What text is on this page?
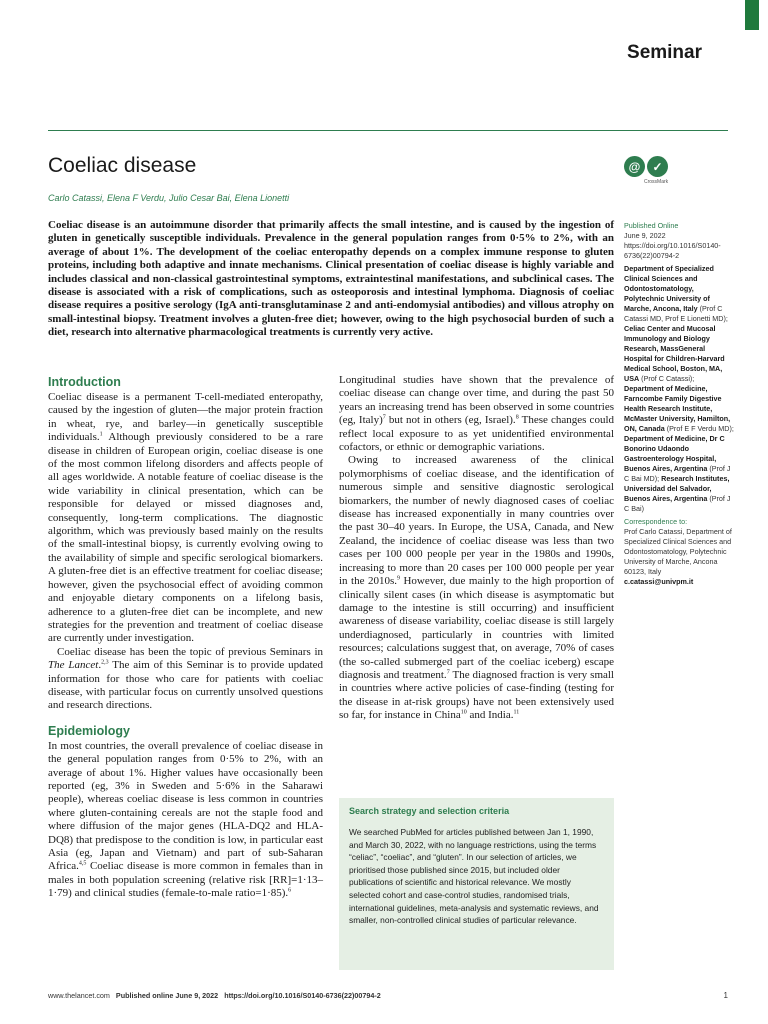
Seminar
Coeliac disease	@	✓
CrossMark
Carlo Catassi, Elena F Verdu, Julio Cesar Bai, Elena Lionetti
Coeliac disease is an autoimmune disorder that primarily affects the small intestine, and is caused by the ingestion of gluten in genetically susceptible individuals. Prevalence in the general population ranges from 0·5% to 2%, with an average of about 1%. The development of the coeliac enteropathy depends on a complex immune response to gluten proteins, including both adaptive and innate mechanisms. Clinical presentation of coeliac disease is highly variable and includes classical and non-classical gastrointestinal symptoms, extraintestinal manifestations, and subclinical cases. The disease is associated with a risk of complications, such as osteoporosis and intestinal lymphoma. Diagnosis of coeliac disease requires a positive serology (IgA anti-transglutaminase 2 and anti-endomysial antibodies) and villous atrophy on small-intestinal biopsy. Treatment involves a gluten-free diet; however, owing to the high psychosocial burden of such a diet, research into alternative pharmacological treatments is currently very active.
Introduction

Coeliac disease is a permanent T-cell-mediated enteropathy, caused by the ingestion of gluten—the major protein fraction in wheat, rye, and barley—in genetically susceptible individuals.$^1$ Although previously considered to be a rare disease in children of European origin, coeliac disease is one of the most common lifelong disorders and affects people of all ages worldwide. A notable feature of coeliac disease is the wide variability in clinical presentation, which can be responsible for delayed or missed diagnoses and, consequently, long-term complications. The diagnostic algorithm, which was previously based mainly on the results of the small-intestinal biopsy, is currently evolving owing to the availability of simple and specific serological biomarkers. A gluten-free diet is an effective treatment for coeliac disease; however, given the psychosocial effect of avoiding common and enjoyable dietary components on a lifelong basis, adherence to a gluten-free diet can be incomplete, and new strategies for the prevention and treatment of coeliac disease are currently under investigation.

Coeliac disease has been the topic of previous Seminars in The Lancet.$^{2,3}$ The aim of this Seminar is to provide updated information for those who care for patients with coeliac disease, with particular focus on currently unsolved questions and research directions.

Epidemiology

In most countries, the overall prevalence of coeliac disease in the general population ranges from 0·5% to 2%, with an average of about 1%. Higher values have occasionally been reported (eg, 3% in Sweden and 5·6% in the Saharawi people), whereas coeliac disease is less common in countries where gluten-containing cereals are not the staple food and where diffusion of the major genes (HLA-DQ2 and HLA-DQ8) that predispose to the condition is low, in particular east Asia (eg, Japan and Vietnam) and part of sub-Saharan Africa.$^{4,5}$ Coeliac disease is more common in females than in males in both population screening (relative risk [RR]=1·13–1·79) and clinical studies (female-to-male ratio=1·85).$^6$

Longitudinal studies have shown that the prevalence of coeliac disease can change over time, and during the past 50 years an increasing trend has been observed in some countries (eg, Italy)$^7$ but not in others (eg, Israel).$^8$ These changes could reflect local exposure to as yet unidentified environmental cofactors, or ethnic or demographic variations.

Owing to increased awareness of the clinical polymorphisms of coeliac disease, and the identification of numerous simple and sensitive diagnostic serological biomarkers, the number of newly diagnosed cases of coeliac disease has increased exponentially in many countries over the past 30–40 years. In Europe, the USA, Canada, and New Zealand, the incidence of coeliac disease was less than two cases per 100 000 people per year in the 1980s and 1990s, increasing to more than 20 cases per 100 000 people per year in the 2010s.$^9$ However, due mainly to the high proportion of clinically silent cases (in which disease is asymptomatic but damage to the intestine is still occurring) and insufficient awareness of disease variability, coeliac disease is still largely underdiagnosed, particularly in countries with limited resources; calculations suggest that, on average, 70% of cases (the so-called submerged part of the coeliac iceberg) escape diagnosis and treatment.$^7$ The diagnosed fraction is very small in countries where active policies of case-finding (testing for the disease in at-risk groups) have not been extensively used so far, for instance in China$^{10}$ and India.$^{11}$

Search strategy and selection criteria
We searched PubMed for articles published between Jan 1, 1990, and March 30, 2022, with no language restrictions, using the terms “celiac”, “coeliac”, and “gluten”. In our selection of articles, we prioritised those published since 2015, but included older publications of scientific and historical relevance. We mostly selected cohort and case-control studies, randomised trials, international guidelines, meta-analysis and systematic reviews, and smaller, non-controlled clinical studies of particular relevance.

Published Online

June 9, 2022

https://doi.org/10.1016/S0140-6736(22)00794-2

Department of Specialized Clinical Sciences and Odontostomatology, Polytechnic University of Marche, Ancona, Italy (Prof C Catassi MD, Prof E Lionetti MD); Celiac Center and Mucosal Immunology and Biology Research, MassGeneral Hospital for Children-Harvard Medical School, Boston, MA, USA (Prof C Catassi); Department of Medicine, Farncombe Family Digestive Health Research Institute, McMaster University, Hamilton, ON, Canada (Prof E F Verdu MD); Department of Medicine, Dr C Bonorino Udaondo Gastroenterology Hospital, Buenos Aires, Argentina (Prof J C Bai MD); Research Institutes, Universidad del Salvador, Buenos Aires, Argentina (Prof J C Bai)

Correspondence to:

Prof Carlo Catassi, Department of Specialized Clinical Sciences and Odontostomatology, Polytechnic University of Marche, Ancona 60123, Italy

c.catassi@univpm.it

www.thelancet.com Published online June 9, 2022 https://doi.org/10.1016/S0140-6736(22)00794-2	1
